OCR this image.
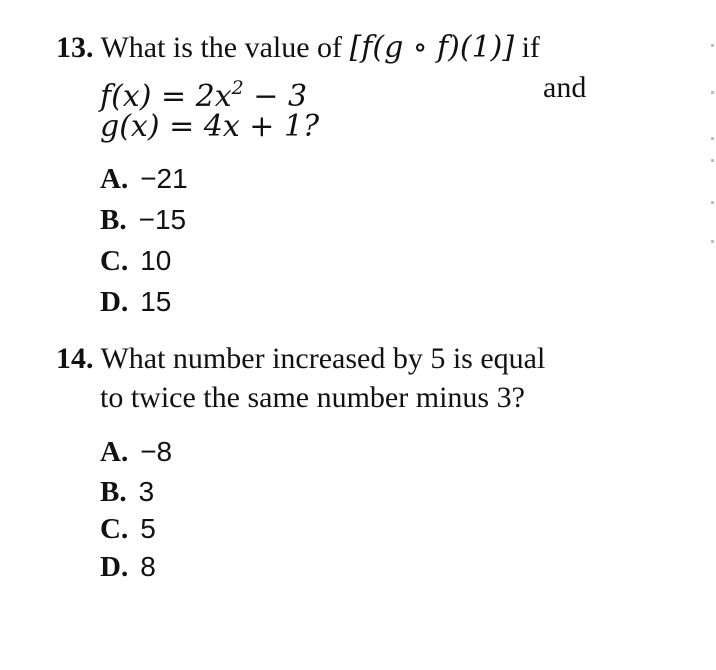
13. What is the value of [f(g ∘ f)(1)] if
$f(x) = 2x^2 - 3$	and
g(x) = 4x + 1?
A. −21
B. −15
C. 10
D. 15
14. What number increased by 5 is equal
to twice the same number minus 3?
A. −8
B. 3
C. 5
D. 8
